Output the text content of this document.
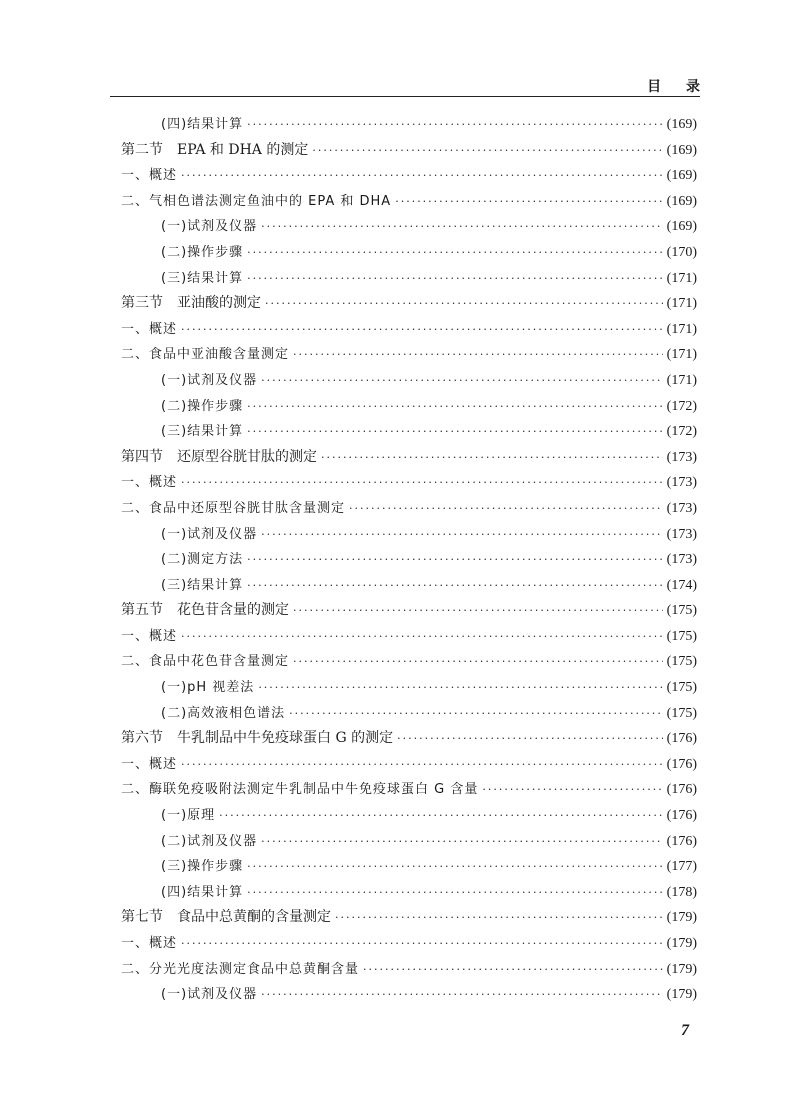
目 录
(四)结果计算 ·····	(169)
第二节　EPA 和 DHA 的测定 ·····	(169)
一、概述 ·····	(169)
二、气相色谱法测定鱼油中的 EPA 和 DHA ·····	(169)
(一)试剂及仪器 ·····	(169)
(二)操作步骤 ·····	(170)
(三)结果计算 ·····	(171)
第三节　亚油酸的测定 ·····	(171)
一、概述 ·····	(171)
二、食品中亚油酸含量测定 ·····	(171)
(一)试剂及仪器 ·····	(171)
(二)操作步骤 ·····	(172)
(三)结果计算 ·····	(172)
第四节　还原型谷胱甘肽的测定 ·····	(173)
一、概述 ·····	(173)
二、食品中还原型谷胱甘肽含量测定 ·····	(173)
(一)试剂及仪器 ·····	(173)
(二)测定方法 ·····	(173)
(三)结果计算 ·····	(174)
第五节　花色苷含量的测定 ·····	(175)
一、概述 ·····	(175)
二、食品中花色苷含量测定 ·····	(175)
(一)pH 视差法 ·····	(175)
(二)高效液相色谱法 ·····	(175)
第六节　牛乳制品中牛免疫球蛋白 G 的测定 ·····	(176)
一、概述 ·····	(176)
二、酶联免疫吸附法测定牛乳制品中牛免疫球蛋白 G 含量 ·····	(176)
(一)原理 ·····	(176)
(二)试剂及仪器 ·····	(176)
(三)操作步骤 ·····	(177)
(四)结果计算 ·····	(178)
第七节　食品中总黄酮的含量测定 ·····	(179)
一、概述 ·····	(179)
二、分光光度法测定食品中总黄酮含量 ·····	(179)
(一)试剂及仪器 ·····	(179)
7
